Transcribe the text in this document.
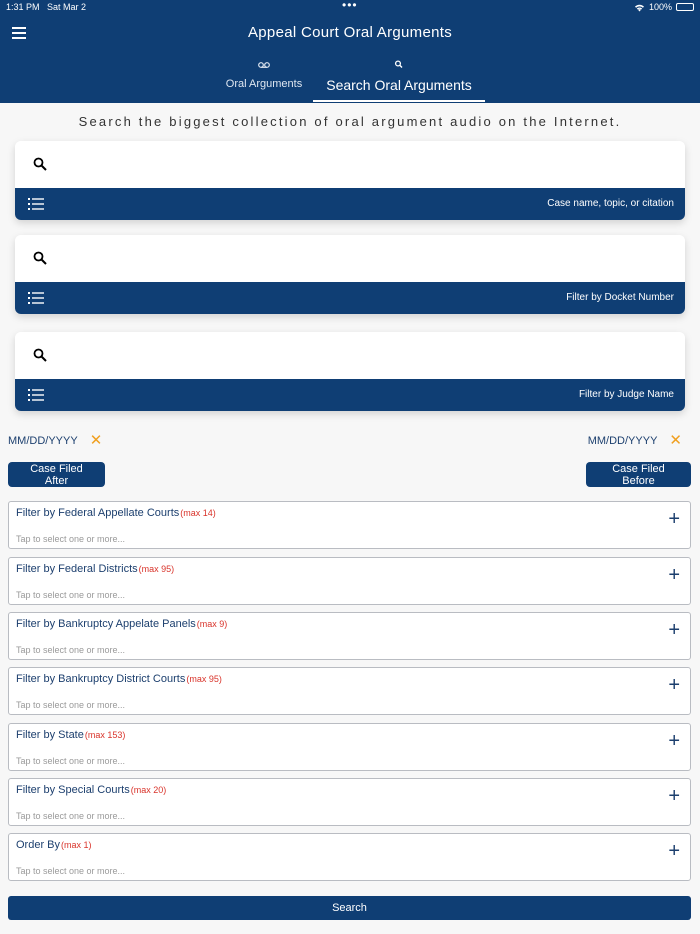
1:31 PM Sat Mar 2	•••	100%
Appeal Court Oral Arguments
Oral Arguments	Search Oral Arguments
Search the biggest collection of oral argument audio on the Internet.
Case name, topic, or citation
Filter by Docket Number
Filter by Judge Name
MM/DD/YYYY ✕	MM/DD/YYYY ✕
Case Filed After
Case Filed Before
Filter by Federal Appellate Courts(max 14)
Tap to select one or more...
+
Filter by Federal Districts(max 95)
Tap to select one or more...
+
Filter by Bankruptcy Appelate Panels(max 9)
Tap to select one or more...
+
Filter by Bankruptcy District Courts(max 95)
Tap to select one or more...
+
Filter by State(max 153)
Tap to select one or more...
+
Filter by Special Courts(max 20)
Tap to select one or more...
+
Order By(max 1)
Tap to select one or more...
+
Search
